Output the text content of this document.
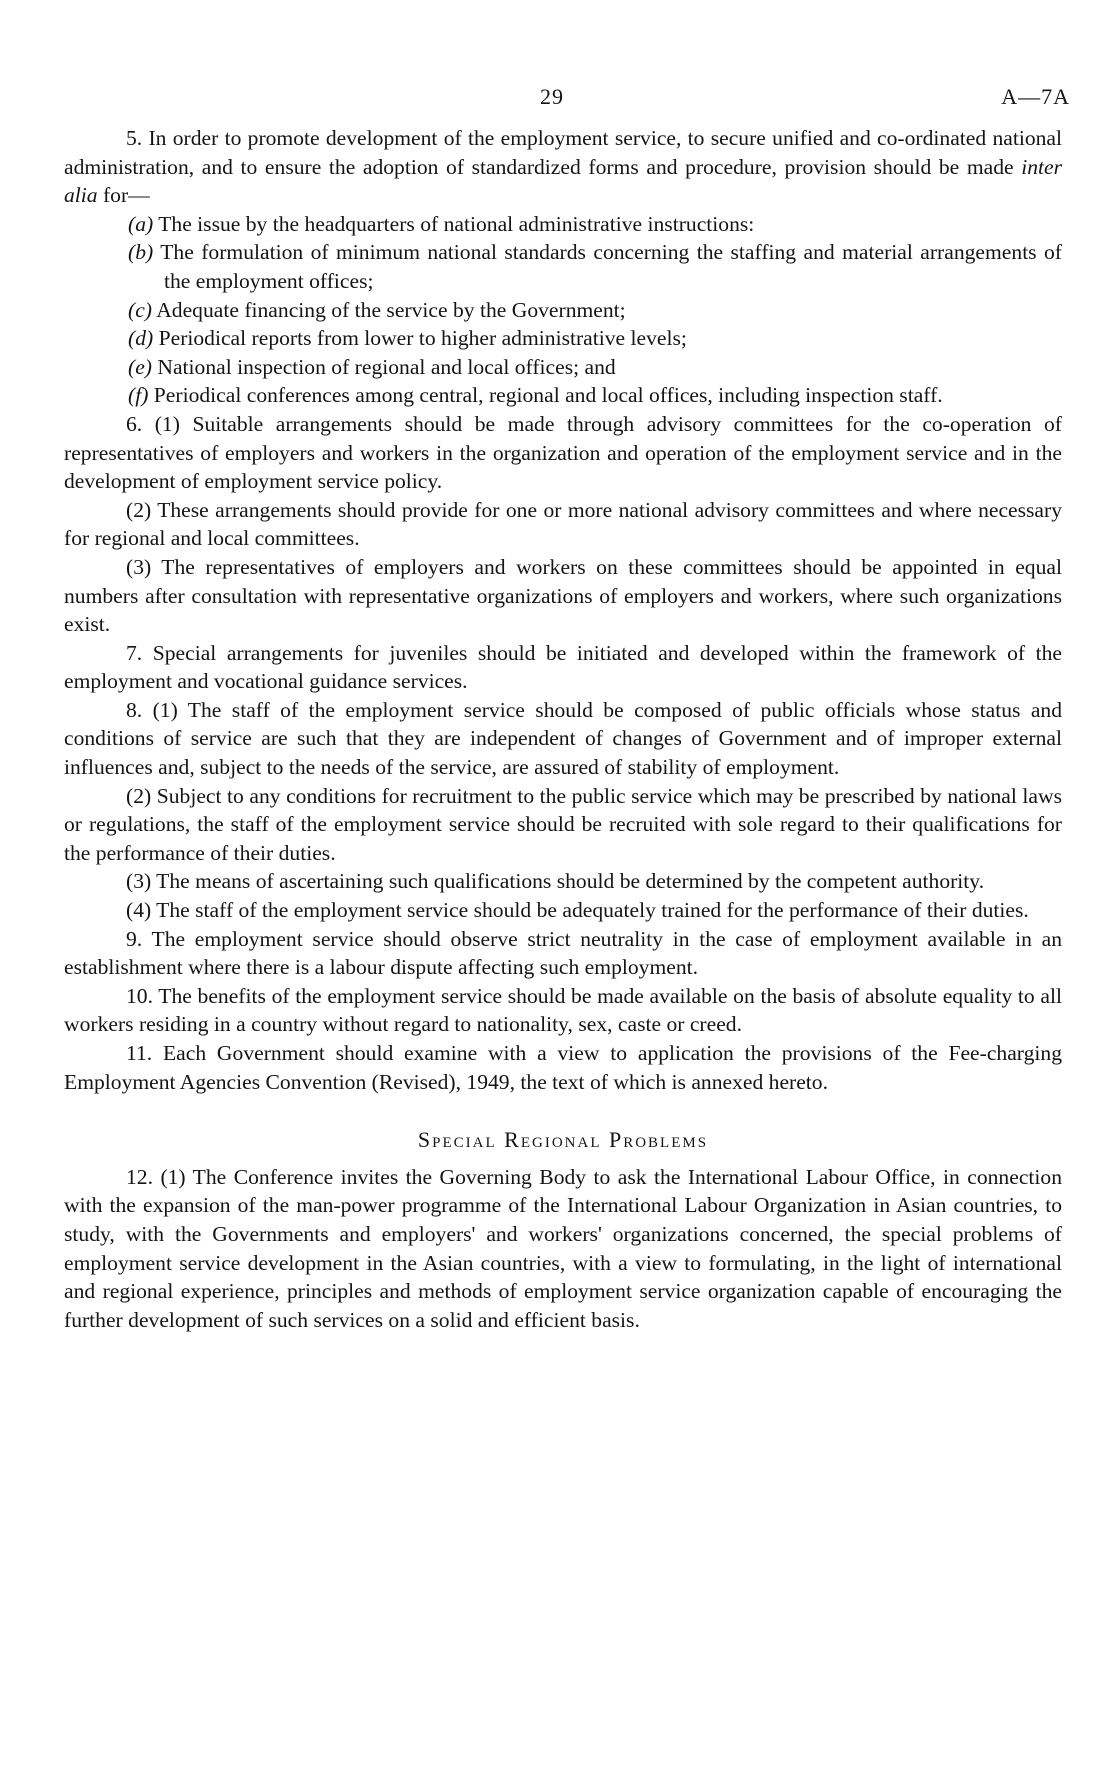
29	A—7A

5. In order to promote development of the employment service, to secure unified and co-ordinated national administration, and to ensure the adoption of standardized forms and procedure, provision should be made inter alia for—

(a) The issue by the headquarters of national administrative instructions:

(b) The formulation of minimum national standards concerning the staffing and material arrangements of the employment offices;

(c) Adequate financing of the service by the Government;

(d) Periodical reports from lower to higher administrative levels;

(e) National inspection of regional and local offices; and

(f) Periodical conferences among central, regional and local offices, including inspection staff.

6. (1) Suitable arrangements should be made through advisory committees for the co-operation of representatives of employers and workers in the organization and operation of the employment service and in the development of employment service policy.

(2) These arrangements should provide for one or more national advisory committees and where necessary for regional and local committees.

(3) The representatives of employers and workers on these committees should be appointed in equal numbers after consultation with representative organizations of employers and workers, where such organizations exist.

7. Special arrangements for juveniles should be initiated and developed within the framework of the employment and vocational guidance services.

8. (1) The staff of the employment service should be composed of public officials whose status and conditions of service are such that they are independent of changes of Government and of improper external influences and, subject to the needs of the service, are assured of stability of employment.

(2) Subject to any conditions for recruitment to the public service which may be prescribed by national laws or regulations, the staff of the employment service should be recruited with sole regard to their qualifications for the performance of their duties.

(3) The means of ascertaining such qualifications should be determined by the competent authority.

(4) The staff of the employment service should be adequately trained for the performance of their duties.

9. The employment service should observe strict neutrality in the case of employment available in an establishment where there is a labour dispute affecting such employment.

10. The benefits of the employment service should be made available on the basis of absolute equality to all workers residing in a country without regard to nationality, sex, caste or creed.

11. Each Government should examine with a view to application the provisions of the Fee-charging Employment Agencies Convention (Revised), 1949, the text of which is annexed hereto.

Special Regional Problems

12. (1) The Conference invites the Governing Body to ask the International Labour Office, in connection with the expansion of the man-power programme of the International Labour Organization in Asian countries, to study, with the Governments and employers' and workers' organizations concerned, the special problems of employment service development in the Asian countries, with a view to formulating, in the light of international and regional experience, principles and methods of employment service organization capable of encouraging the further development of such services on a solid and efficient basis.
